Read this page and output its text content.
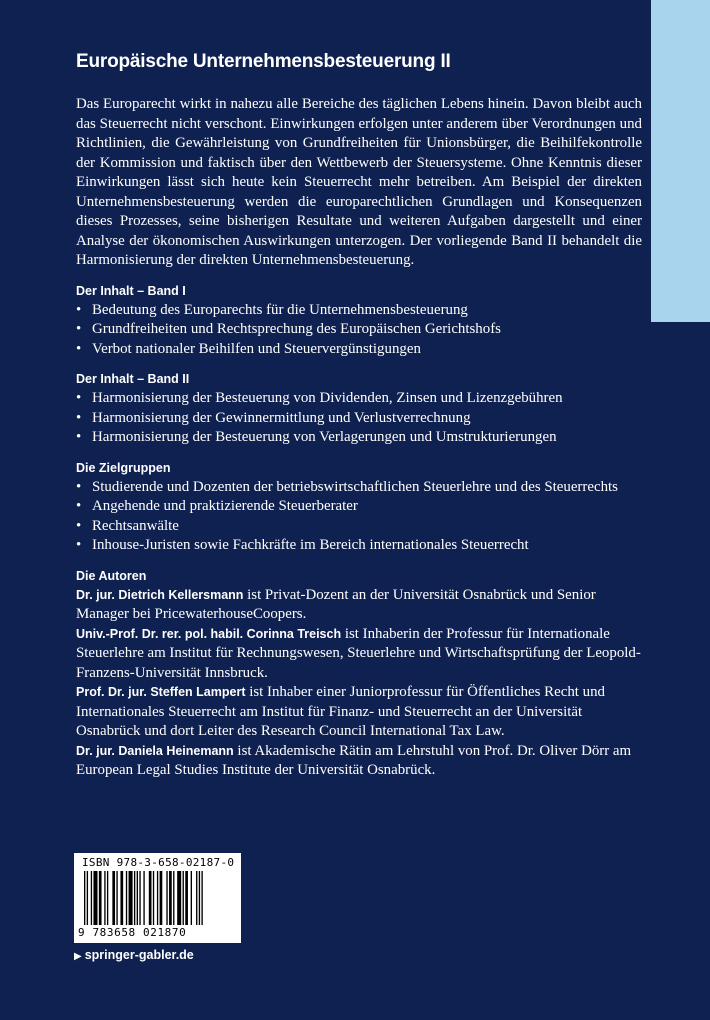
Europäische Unternehmensbesteuerung II

Das Europarecht wirkt in nahezu alle Bereiche des täglichen Lebens hinein. Davon bleibt auch das Steuerrecht nicht verschont. Einwirkungen erfolgen unter anderem über Verordnungen und Richtlinien, die Gewährleistung von Grundfreiheiten für Unionsbürger, die Beihilfekontrolle der Kommission und faktisch über den Wettbewerb der Steuersysteme. Ohne Kenntnis dieser Einwirkungen lässt sich heute kein Steuerrecht mehr betreiben. Am Beispiel der direkten Unternehmensbesteuerung werden die europarechtlichen Grundlagen und Konsequenzen dieses Prozesses, seine bisherigen Resultate und weiteren Aufgaben dargestellt und einer Analyse der ökonomischen Auswirkungen unterzogen. Der vorliegende Band II behandelt die Harmonisierung der direkten Unternehmensbesteuerung.

Der Inhalt – Band I
• Bedeutung des Europarechts für die Unternehmensbesteuerung
• Grundfreiheiten und Rechtsprechung des Europäischen Gerichtshofs
• Verbot nationaler Beihilfen und Steuervergünstigungen
Der Inhalt – Band II
• Harmonisierung der Besteuerung von Dividenden, Zinsen und Lizenzgebühren
• Harmonisierung der Gewinnermittlung und Verlustverrechnung
• Harmonisierung der Besteuerung von Verlagerungen und Umstrukturierungen
Die Zielgruppen
• Studierende und Dozenten der betriebswirtschaftlichen Steuerlehre und des Steuerrechts
• Angehende und praktizierende Steuerberater
• Rechtsanwälte
• Inhouse-Juristen sowie Fachkräfte im Bereich internationales Steuerrecht
Die Autoren

Dr. jur. Dietrich Kellersmann ist Privat-Dozent an der Universität Osnabrück und Senior Manager bei PricewaterhouseCoopers.

Univ.-Prof. Dr. rer. pol. habil. Corinna Treisch ist Inhaberin der Professur für Internationale Steuerlehre am Institut für Rechnungswesen, Steuerlehre und Wirtschaftsprüfung der Leopold-Franzens-Universität Innsbruck.

Prof. Dr. jur. Steffen Lampert ist Inhaber einer Juniorprofessur für Öffentliches Recht und Internationales Steuerrecht am Institut für Finanz- und Steuerrecht an der Universität Osnabrück und dort Leiter des Research Council International Tax Law.

Dr. jur. Daniela Heinemann ist Akademische Rätin am Lehrstuhl von Prof. Dr. Oliver Dörr am European Legal Studies Institute der Universität Osnabrück.

ISBN 978-3-658-02187-0
9 783658 021870
▶ springer-gabler.de
